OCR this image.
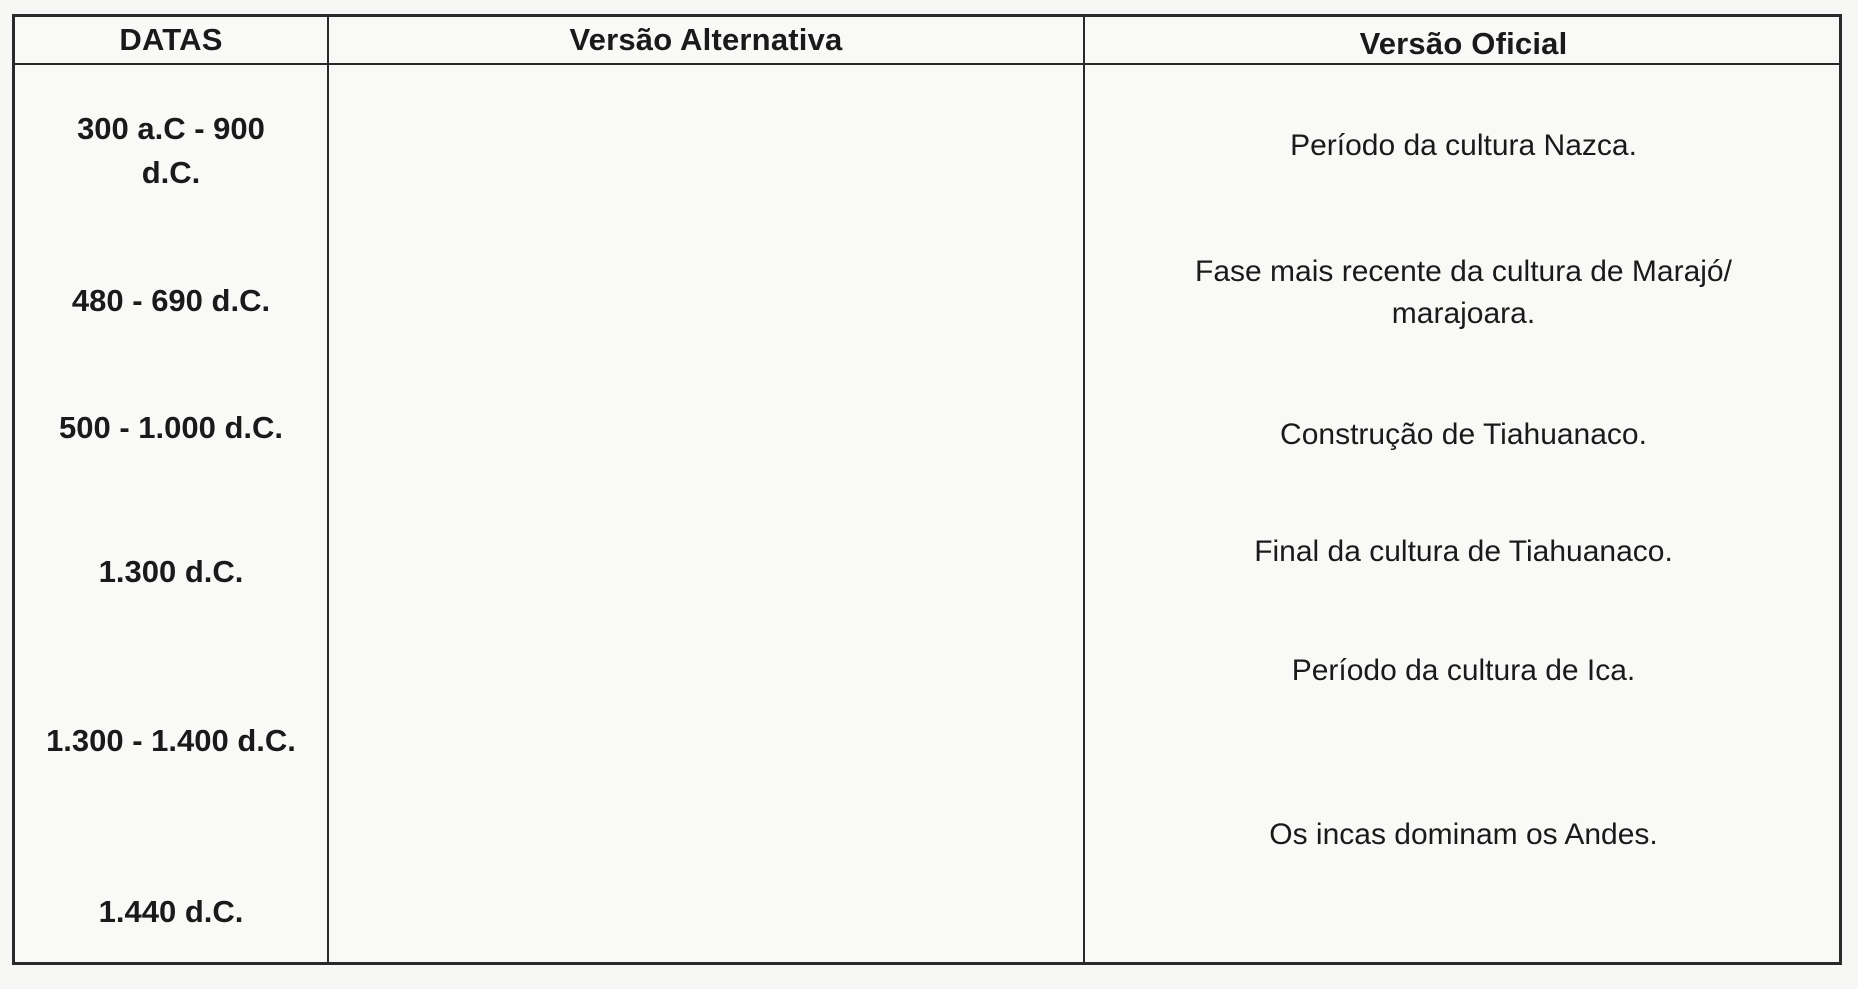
DATAS	Versão Alternativa	Versão Oficial
300 a.C - 900 d.C.
480 - 690 d.C.
500 - 1.000 d.C.
1.300 d.C.
1.300 - 1.400 d.C.
1.440 d.C.
Período da cultura Nazca.
Fase mais recente da cultura de Marajó/ marajoara.
Construção de Tiahuanaco.
Final da cultura de Tiahuanaco.
Período da cultura de Ica.
Os incas dominam os Andes.
